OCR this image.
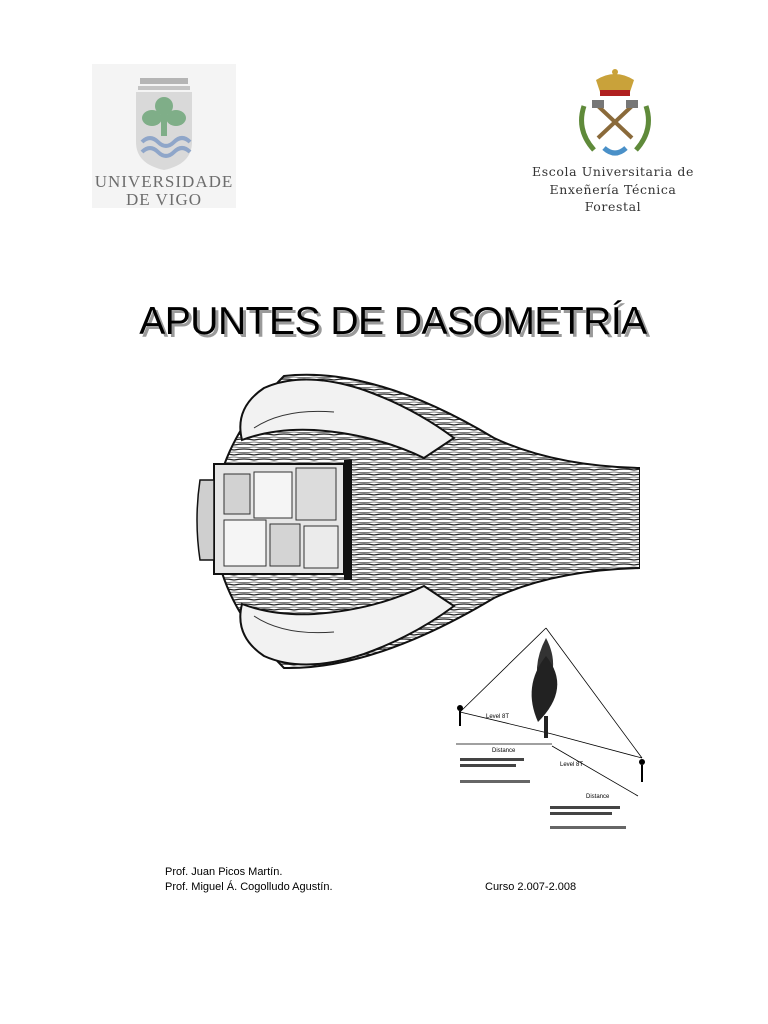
UNIVERSIDADE
DE VIGO
Escola Universitaria de
Enxeñería Técnica
Forestal
APUNTES DE DASOMETRÍA
Level 8T
Distance
Level 8T
Distance
Prof. Juan Picos Martín.
Prof. Miguel Á. Cogolludo Agustín.	Curso 2.007-2.008
